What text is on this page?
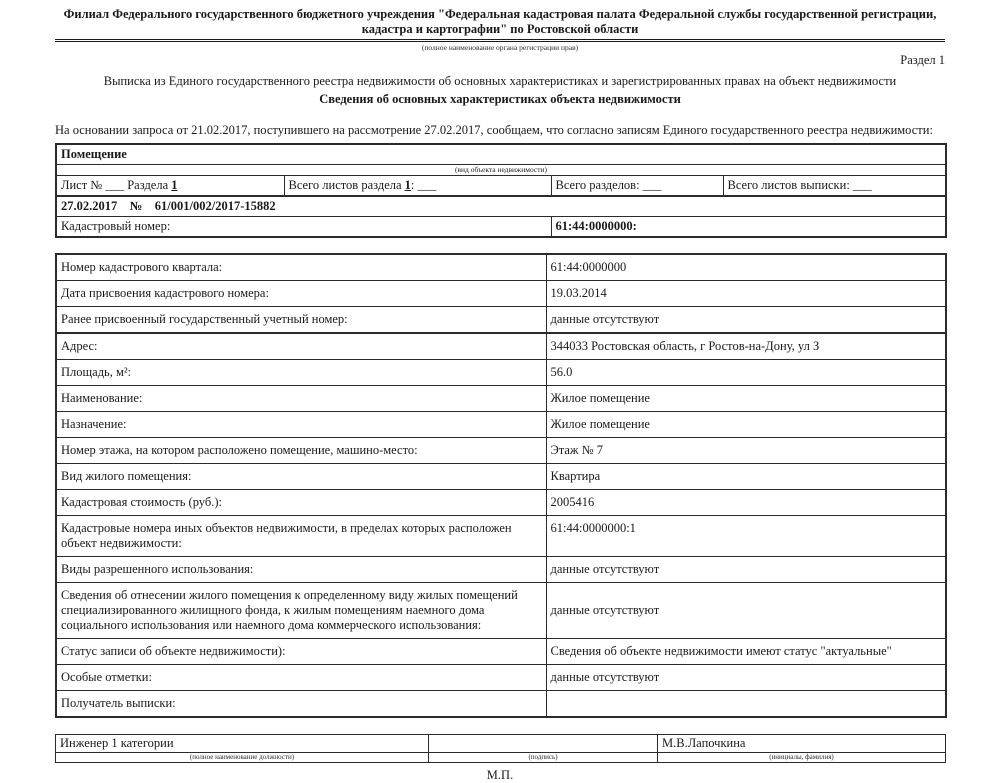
Филиал Федерального государственного бюджетного учреждения "Федеральная кадастровая палата Федеральной службы государственной регистрации, кадастра и картографии" по Ростовской области
(полное наименование органа регистрации прав)
Раздел 1
Выписка из Единого государственного реестра недвижимости об основных характеристиках и зарегистрированных правах на объект недвижимости
Сведения об основных характеристиках объекта недвижимости
На основании запроса от 21.02.2017, поступившего на рассмотрение 27.02.2017, сообщаем, что согласно записям Единого государственного реестра недвижимости:
Помещение			
(вид объекта недвижимости)			
Лист № ___ Раздела 1	Всего листов раздела 1: ___	Всего разделов: ___	Всего листов выписки: ___
27.02.2017    №    61/001/002/2017-15882			
Кадастровый номер:		61:44:0000000:	
Номер кадастрового квартала:	61:44:0000000
Дата присвоения кадастрового номера:	19.03.2014
Ранее присвоенный государственный учетный номер:	данные отсутствуют
Адрес:	344033 Ростовская область, г Ростов-на-Дону, ул З
Площадь, м²:	56.0
Наименование:	Жилое помещение
Назначение:	Жилое помещение
Номер этажа, на котором расположено помещение, машино-место:	Этаж № 7
Вид жилого помещения:	Квартира
Кадастровая стоимость (руб.):	2005416
Кадастровые номера иных объектов недвижимости, в пределах которых расположен объект недвижимости:	61:44:0000000:1
Виды разрешенного использования:	данные отсутствуют
Сведения об отнесении жилого помещения к определенному виду жилых помещений специализированного жилищного фонда, к жилым помещениям наемного дома социального использования или наемного дома коммерческого использования:	данные отсутствуют
Статус записи об объекте недвижимости):	Сведения об объекте недвижимости имеют статус "актуальные"
Особые отметки:	данные отсутствуют
Получатель выписки:	
Инженер 1 категории		М.В.Лапочкина
(полное наименование должности)	(подпись)	(инициалы, фамилия)
М.П.
